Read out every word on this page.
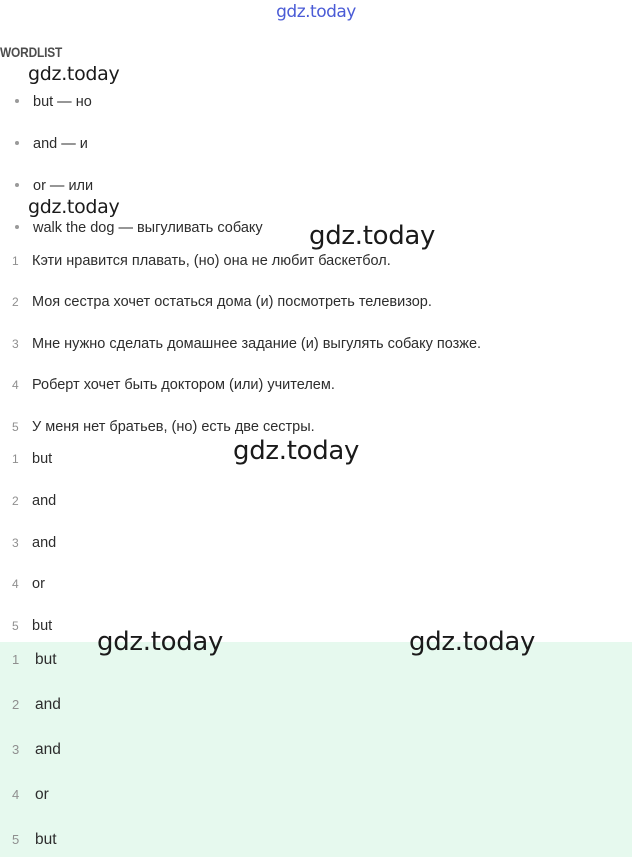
gdz.today
WORDLIST
but — но
and — и
or — или
walk the dog — выгуливать собаку
1 Кэти нравится плавать, (но) она не любит баскетбол.
2 Моя сестра хочет остаться дома (и) посмотреть телевизор.
3 Мне нужно сделать домашнее задание (и) выгулять собаку позже.
4 Роберт хочет быть доктором (или) учителем.
5 У меня нет братьев, (но) есть две сестры.
1 but
2 and
3 and
4 or
5 but
1 but
2 and
3 and
4 or
5 but
gdz.today
gdz.today
gdz.today
gdz.today
gdz.today	gdz.today
